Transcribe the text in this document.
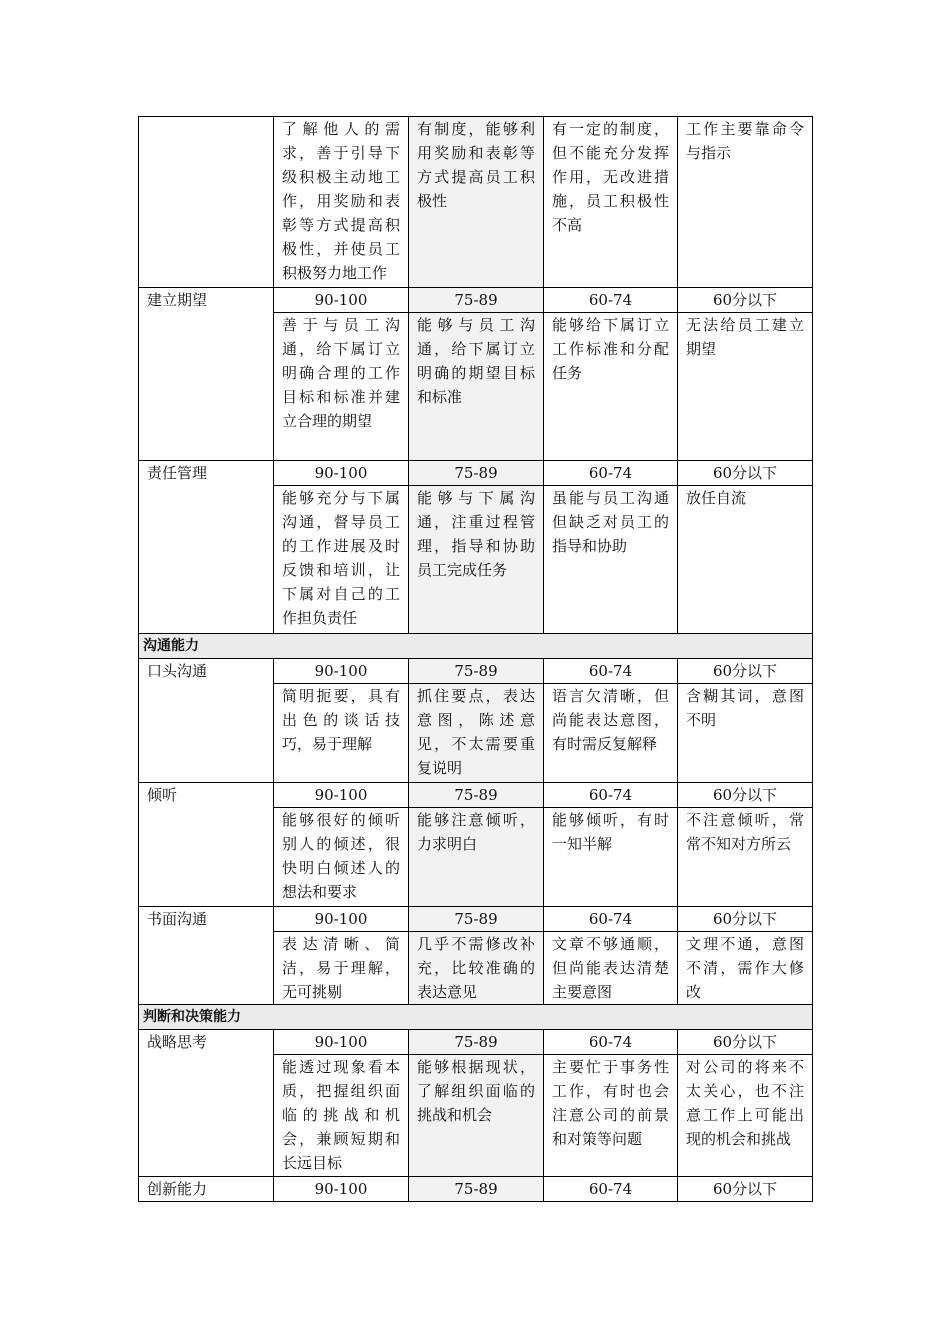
	了解他人的需求，善于引导下级积极主动地工作，用奖励和表彰等方式提高积极性，并使员工积极努力地工作	有制度，能够利用奖励和表彰等方式提高员工积极性	有一定的制度，但不能充分发挥作用，无改进措施，员工积极性不高	工作主要靠命令与指示
建立期望	90-100	75-89	60-74	60分以下
	善于与员工沟通，给下属订立明确合理的工作目标和标准并建立合理的期望	能够与员工沟通，给下属订立明确的期望目标和标准	能够给下属订立工作标准和分配任务	无法给员工建立期望
责任管理	90-100	75-89	60-74	60分以下
	能够充分与下属沟通，督导员工的工作进展及时反馈和培训，让下属对自己的工作担负责任	能够与下属沟通，注重过程管理，指导和协助员工完成任务	虽能与员工沟通但缺乏对员工的指导和协助	放任自流
沟通能力				
口头沟通	90-100	75-89	60-74	60分以下
	简明扼要，具有出色的谈话技巧，易于理解	抓住要点，表达意图，陈述意见，不太需要重复说明	语言欠清晰，但尚能表达意图，有时需反复解释	含糊其词，意图不明
倾听	90-100	75-89	60-74	60分以下
	能够很好的倾听别人的倾述，很快明白倾述人的想法和要求	能够注意倾听，力求明白	能够倾听，有时一知半解	不注意倾听，常常不知对方所云
书面沟通	90-100	75-89	60-74	60分以下
	表达清晰、简洁，易于理解，无可挑剔	几乎不需修改补充，比较准确的表达意见	文章不够通顺，但尚能表达清楚主要意图	文理不通，意图不清，需作大修改
判断和决策能力				
战略思考	90-100	75-89	60-74	60分以下
	能透过现象看本质，把握组织面临的挑战和机会，兼顾短期和长远目标	能够根据现状，了解组织面临的挑战和机会	主要忙于事务性工作，有时也会注意公司的前景和对策等问题	对公司的将来不太关心，也不注意工作上可能出现的机会和挑战
创新能力	90-100	75-89	60-74	60分以下
